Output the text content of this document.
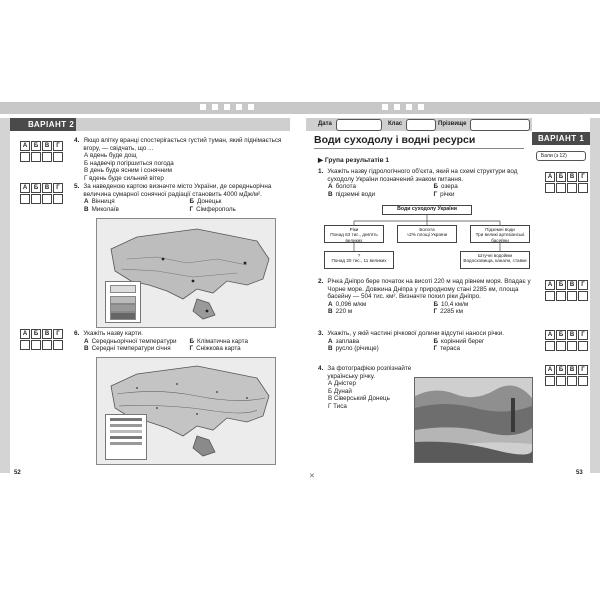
ВАРІАНТ 2
А	Б	В	Г
А	Б	В	Г
А	Б	В	Г
4. Якщо влітку вранці спостерігається густий туман, який піднімається вгору, — свідчать, що ...
А вдень буде дощ
Б надвечір погіршиться погода
В день буде ясним і сонячним
Г вдень буде сильний вітер
5. За наведеною картою визначте місто України, де середньорічна величина сумарної сонячної радіації становить 4000 мДж/м².
А Вінниця	Б Донецьк
В Миколаїв	Г Сімферополь
6. Укажіть назву карти.
А Середньорічної температури	Б Кліматична карта
В Середні температури січня	Г Сніжкова карта
52
Дата	Клас	Прізвище
ВАРІАНТ 1
Бали (з 12)
Води суходолу і водні ресурси
▶ Група результатів 1
А	Б	В	Г
А	Б	В	Г
А	Б	В	Г
А	Б	В	Г
1. Укажіть назву гідрологічного об'єкта, який на схемі структури вод суходолу України позначений знаком питання.
А болота	Б озера
В підземні води	Г річки
Води суходолу України
Ріки
Понад 63 тис., дев'ять великих
Болота
≈2% площі України
Підземні води
Три великі артезіанські басейни
?
Понад 20 тис., 11 великих
Штучні водойми
Водосховища, канали, ставки
2. Річка Дніпро бере початок на висоті 220 м над рівнем моря. Впадає у Чорне море. Довжина Дніпра у природному стані 2285 км, площа басейну — 504 тис. км². Визначте похил ріки Дніпро.
А 0,096 м/км	Б 10,4 км/м
В 220 м	Г 2285 км
3. Укажіть, у якій частині річкової долини відсутні наноси річки.
А заплава	Б корінний берег
В русло (річище)	Г тераса
4. За фотографією розпізнайте українську річку.
А Дністер
Б Дунай
В Сіверський Донець
Г Тиса
53
✕
